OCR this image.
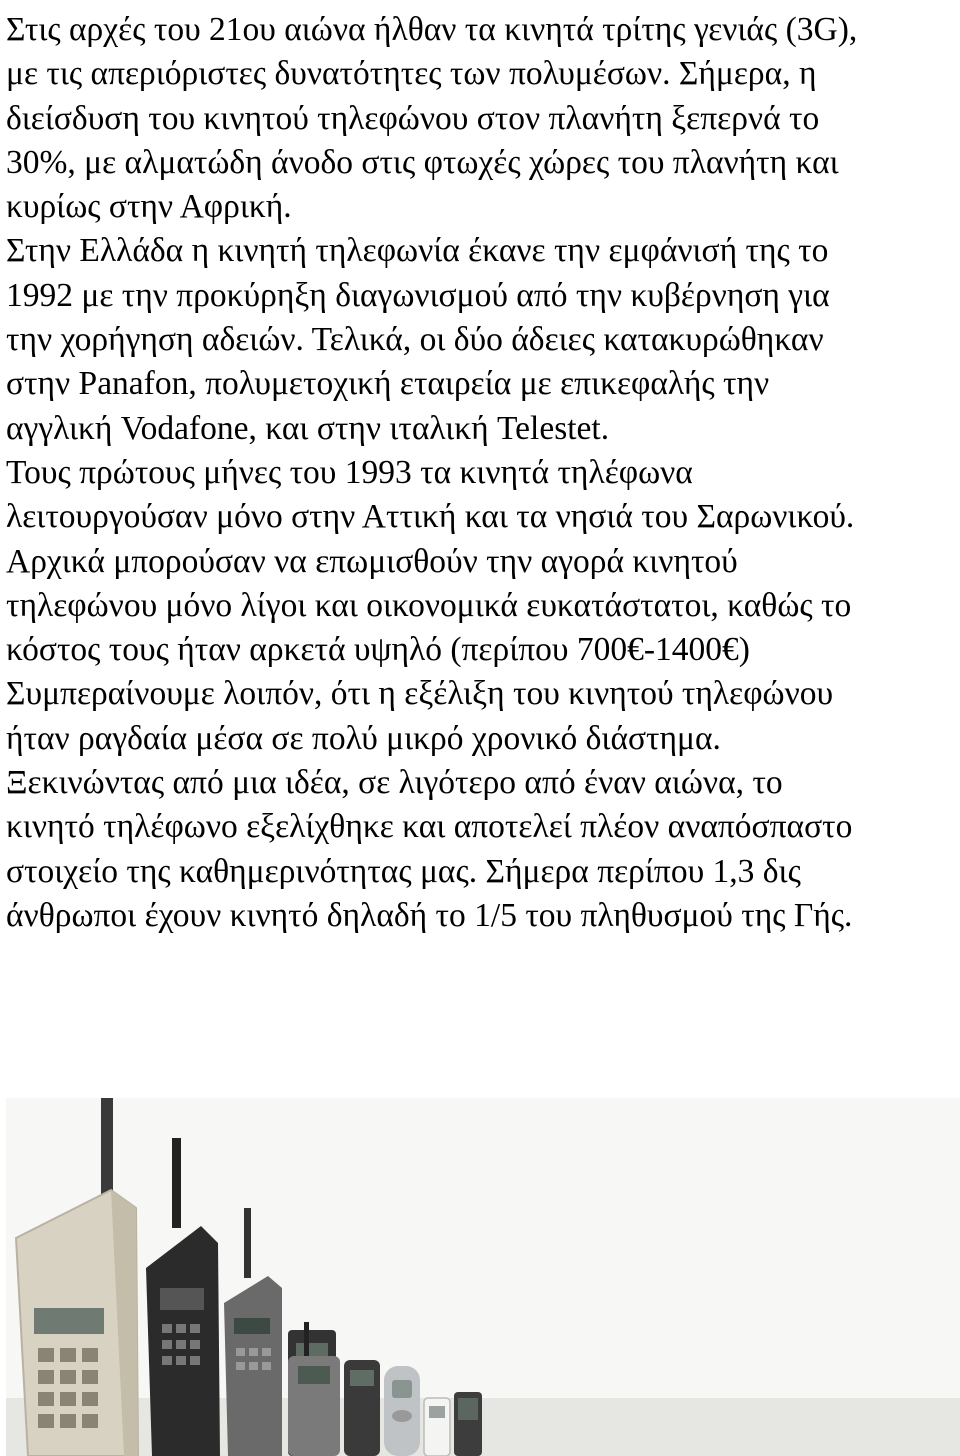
Στις αρχές του 21ου αιώνα ήλθαν τα κινητά τρίτης γενιάς (3G),
με τις απεριόριστες δυνατότητες των πολυμέσων. Σήμερα, η
διείσδυση του κινητού τηλεφώνου στον πλανήτη ξεπερνά το
30%, με αλματώδη άνοδο στις φτωχές χώρες του πλανήτη και
κυρίως στην Αφρική.
Στην Ελλάδα η κινητή τηλεφωνία έκανε την εμφάνισή της το
1992 με την προκύρηξη διαγωνισμού από την κυβέρνηση για
την χορήγηση αδειών. Τελικά, οι δύο άδειες κατακυρώθηκαν
στην Panafon, πολυμετοχική εταιρεία με επικεφαλής την
αγγλική Vodafone, και στην ιταλική Telestet.
Τους πρώτους μήνες του 1993 τα κινητά τηλέφωνα
λειτουργούσαν μόνο στην Αττική και τα νησιά του Σαρωνικού.
Αρχικά μπορούσαν να επωμισθούν την αγορά κινητού
τηλεφώνου μόνο λίγοι και οικονομικά ευκατάστατοι, καθώς το
κόστος τους ήταν αρκετά υψηλό (περίπου 700€-1400€)
Συμπεραίνουμε λοιπόν, ότι η εξέλιξη του κινητού τηλεφώνου
ήταν ραγδαία μέσα σε πολύ μικρό χρονικό διάστημα.
Ξεκινώντας από μια ιδέα, σε λιγότερο από έναν αιώνα, το
κινητό τηλέφωνο εξελίχθηκε και αποτελεί πλέον αναπόσπαστο
στοιχείο της καθημερινότητας μας. Σήμερα περίπου 1,3 δις
άνθρωποι έχουν κινητό δηλαδή το 1/5 του πληθυσμού της Γής.
